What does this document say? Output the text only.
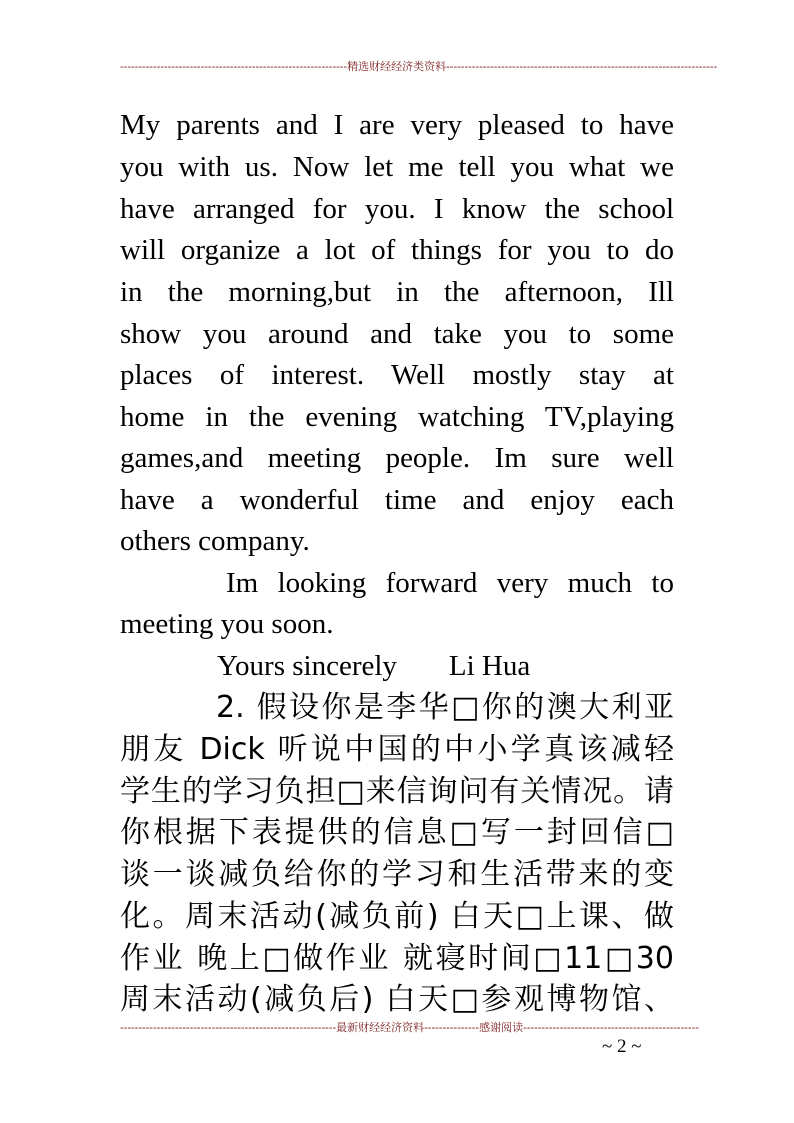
--------------------------------------------------------------精选财经经济类资料--------------------------------------------------------------------------
My parents and I are very pleased to have
you with us. Now let me tell you what we
have arranged for you. I know the school
will organize a lot of things for you to do
in the morning,but in the afternoon, Ill
show you around and take you to some
places of interest. Well mostly stay at
home in the evening watching TV,playing
games,and meeting people. Im sure well
have a wonderful time and enjoy each
others company.
Im looking forward very much to
meeting you soon.
Yours sincerely Li Hua
2. 假设你是李华□你的澳大利亚
朋友 Dick 听说中国的中小学真该减轻
学生的学习负担□来信询问有关情况。请
你根据下表提供的信息□写一封回信□
谈一谈减负给你的学习和生活带来的变
化。周末活动(减负前) 白天□上课、做
作业 晚上□做作业 就寝时间□11□30
周末活动(减负后) 白天□参观博物馆、
-----------------------------------------------------------最新财经经济资料---------------感谢阅读------------------------------------------------
~ 2 ~
